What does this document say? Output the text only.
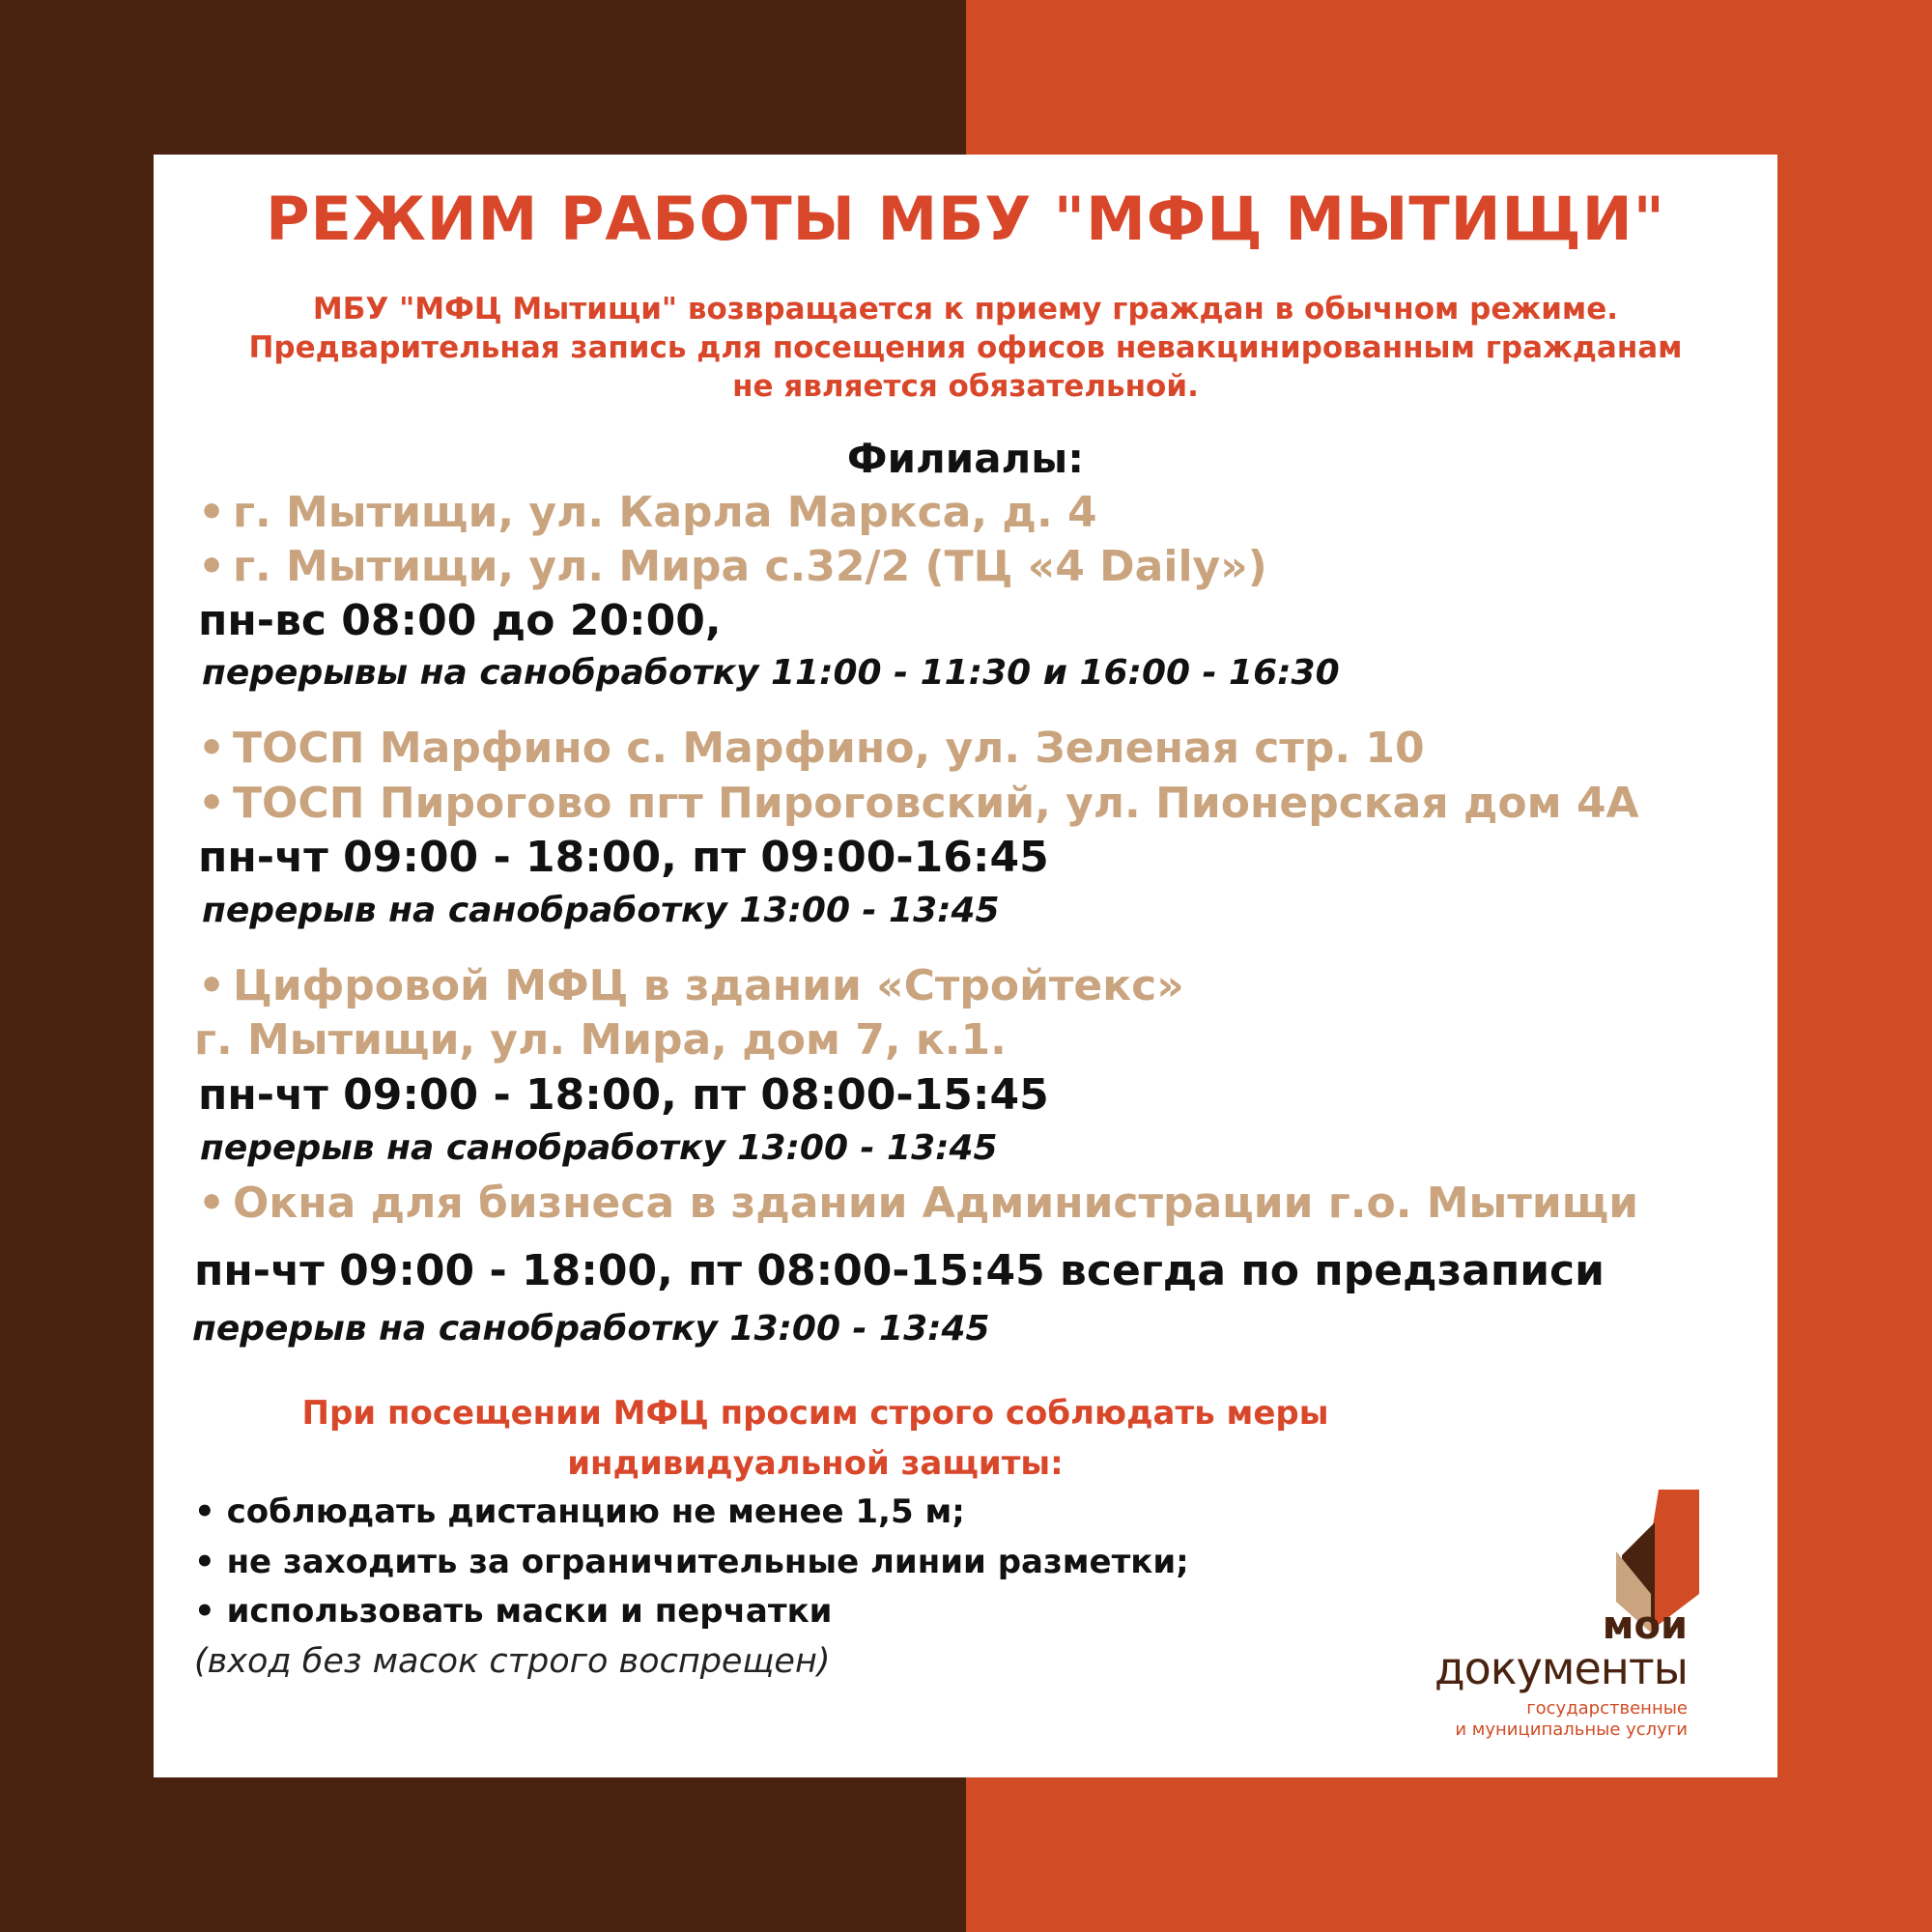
РЕЖИМ РАБОТЫ МБУ "МФЦ МЫТИЩИ"
МБУ "МФЦ Мытищи" возвращается к приему граждан в обычном режиме.
Предварительная запись для посещения офисов невакцинированным гражданам
не является обязательной.
Филиалы:
• г. Мытищи, ул. Карла Маркса, д. 4
• г. Мытищи, ул. Мира с.32/2 (ТЦ «4 Daily»)
пн-вс 08:00 до 20:00,
перерывы на санобработку 11:00 - 11:30 и 16:00 - 16:30
• ТОСП Марфино с. Марфино, ул. Зеленая стр. 10
• ТОСП Пирогово пгт Пироговский, ул. Пионерская дом 4А
пн-чт 09:00 - 18:00, пт 09:00-16:45
перерыв на санобработку 13:00 - 13:45
• Цифровой МФЦ в здании «Стройтекс»
г. Мытищи, ул. Мира, дом 7, к.1.
пн-чт 09:00 - 18:00, пт 08:00-15:45
перерыв на санобработку 13:00 - 13:45
• Окна для бизнеса в здании Администрации г.о. Мытищи
пн-чт 09:00 - 18:00, пт 08:00-15:45 всегда по предзаписи
перерыв на санобработку 13:00 - 13:45
При посещении МФЦ просим строго соблюдать меры
индивидуальной защиты:
• соблюдать дистанцию не менее 1,5 м;
• не заходить за ограничительные линии разметки;
• использовать маски и перчатки
(вход без масок строго воспрещен)
мои
документы
государственные
и муниципальные услуги
